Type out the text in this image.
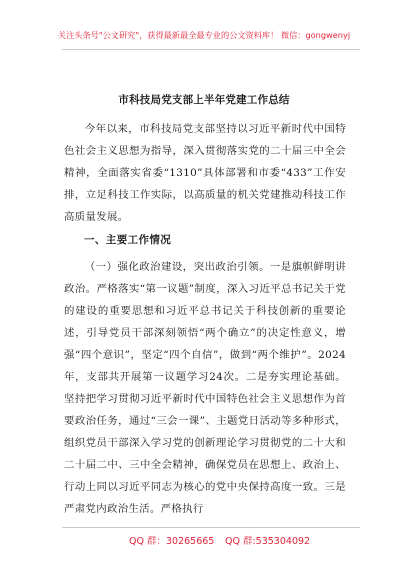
关注头条号"公文研究"，获得最新最全最专业的公文资料库！ 微信：gongwenyj
市科技局党支部上半年党建工作总结
今年以来，市科技局党支部坚持以习近平新时代中国特色社会主义思想为指导，深入贯彻落实党的二十届三中全会精神，全面落实省委“1310”具体部署和市委“433”工作安排，立足科技工作实际，以高质量的机关党建推动科技工作高质量发展。
一、主要工作情况
（一）强化政治建设，突出政治引领。一是旗帜鲜明讲政治。严格落实“第一议题”制度，深入习近平总书记关于党的建设的重要思想和习近平总书记关于科技创新的重要论述，引导党员干部深刻领悟“两个确立”的决定性意义，增强“四个意识”，坚定“四个自信”，做到“两个维护”。2024年，支部共开展第一议题学习24次。二是夯实理论基础。坚持把学习贯彻习近平新时代中国特色社会主义思想作为首要政治任务，通过“三会一课”、主题党日活动等多种形式，组织党员干部深入学习党的创新理论学习贯彻党的二十大和二十届二中、三中全会精神，确保党员在思想上、政治上、行动上同以习近平同志为核心的党中央保持高度一致。三是严肃党内政治生活。严格执行
QQ 群：30265665 QQ 群:535304092
